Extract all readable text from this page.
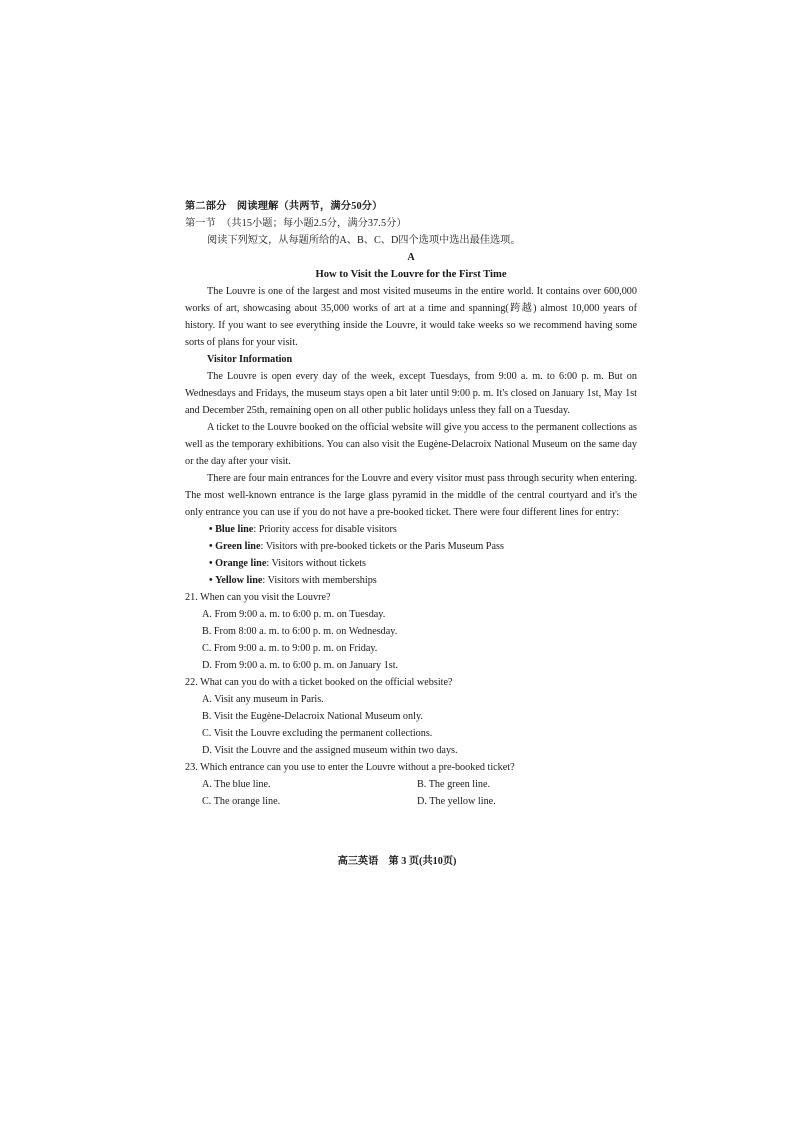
第二部分　阅读理解（共两节，满分50分）

第一节　（共15小题；每小题2.5分，满分37.5分）

阅读下列短文，从每题所给的A、B、C、D四个选项中选出最佳选项。

A

How to Visit the Louvre for the First Time

The Louvre is one of the largest and most visited museums in the entire world. It contains over 600,000 works of art, showcasing about 35,000 works of art at a time and spanning(跨越) almost 10,000 years of history. If you want to see everything inside the Louvre, it would take weeks so we recommend having some sorts of plans for your visit.

Visitor Information

The Louvre is open every day of the week, except Tuesdays, from 9:00 a. m. to 6:00 p. m. But on Wednesdays and Fridays, the museum stays open a bit later until 9:00 p. m. It's closed on January 1st, May 1st and December 25th, remaining open on all other public holidays unless they fall on a Tuesday.

A ticket to the Louvre booked on the official website will give you access to the permanent collections as well as the temporary exhibitions. You can also visit the Eugène-Delacroix National Museum on the same day or the day after your visit.

There are four main entrances for the Louvre and every visitor must pass through security when entering. The most well-known entrance is the large glass pyramid in the middle of the central courtyard and it's the only entrance you can use if you do not have a pre-booked ticket. There were four different lines for entry:

• Blue line: Priority access for disable visitors
• Green line: Visitors with pre-booked tickets or the Paris Museum Pass
• Orange line: Visitors without tickets
• Yellow line: Visitors with memberships

21. When can you visit the Louvre?

A. From 9:00 a. m. to 6:00 p. m. on Tuesday.

B. From 8:00 a. m. to 6:00 p. m. on Wednesday.

C. From 9:00 a. m. to 9:00 p. m. on Friday.

D. From 9:00 a. m. to 6:00 p. m. on January 1st.

22. What can you do with a ticket booked on the official website?

A. Visit any museum in Paris.

B. Visit the Eugène-Delacroix National Museum only.

C. Visit the Louvre excluding the permanent collections.

D. Visit the Louvre and the assigned museum within two days.

23. Which entrance can you use to enter the Louvre without a pre-booked ticket?

A. The blue line.	B. The green line.
C. The orange line.	D. The yellow line.
高三英语　第 3 页(共10页)
